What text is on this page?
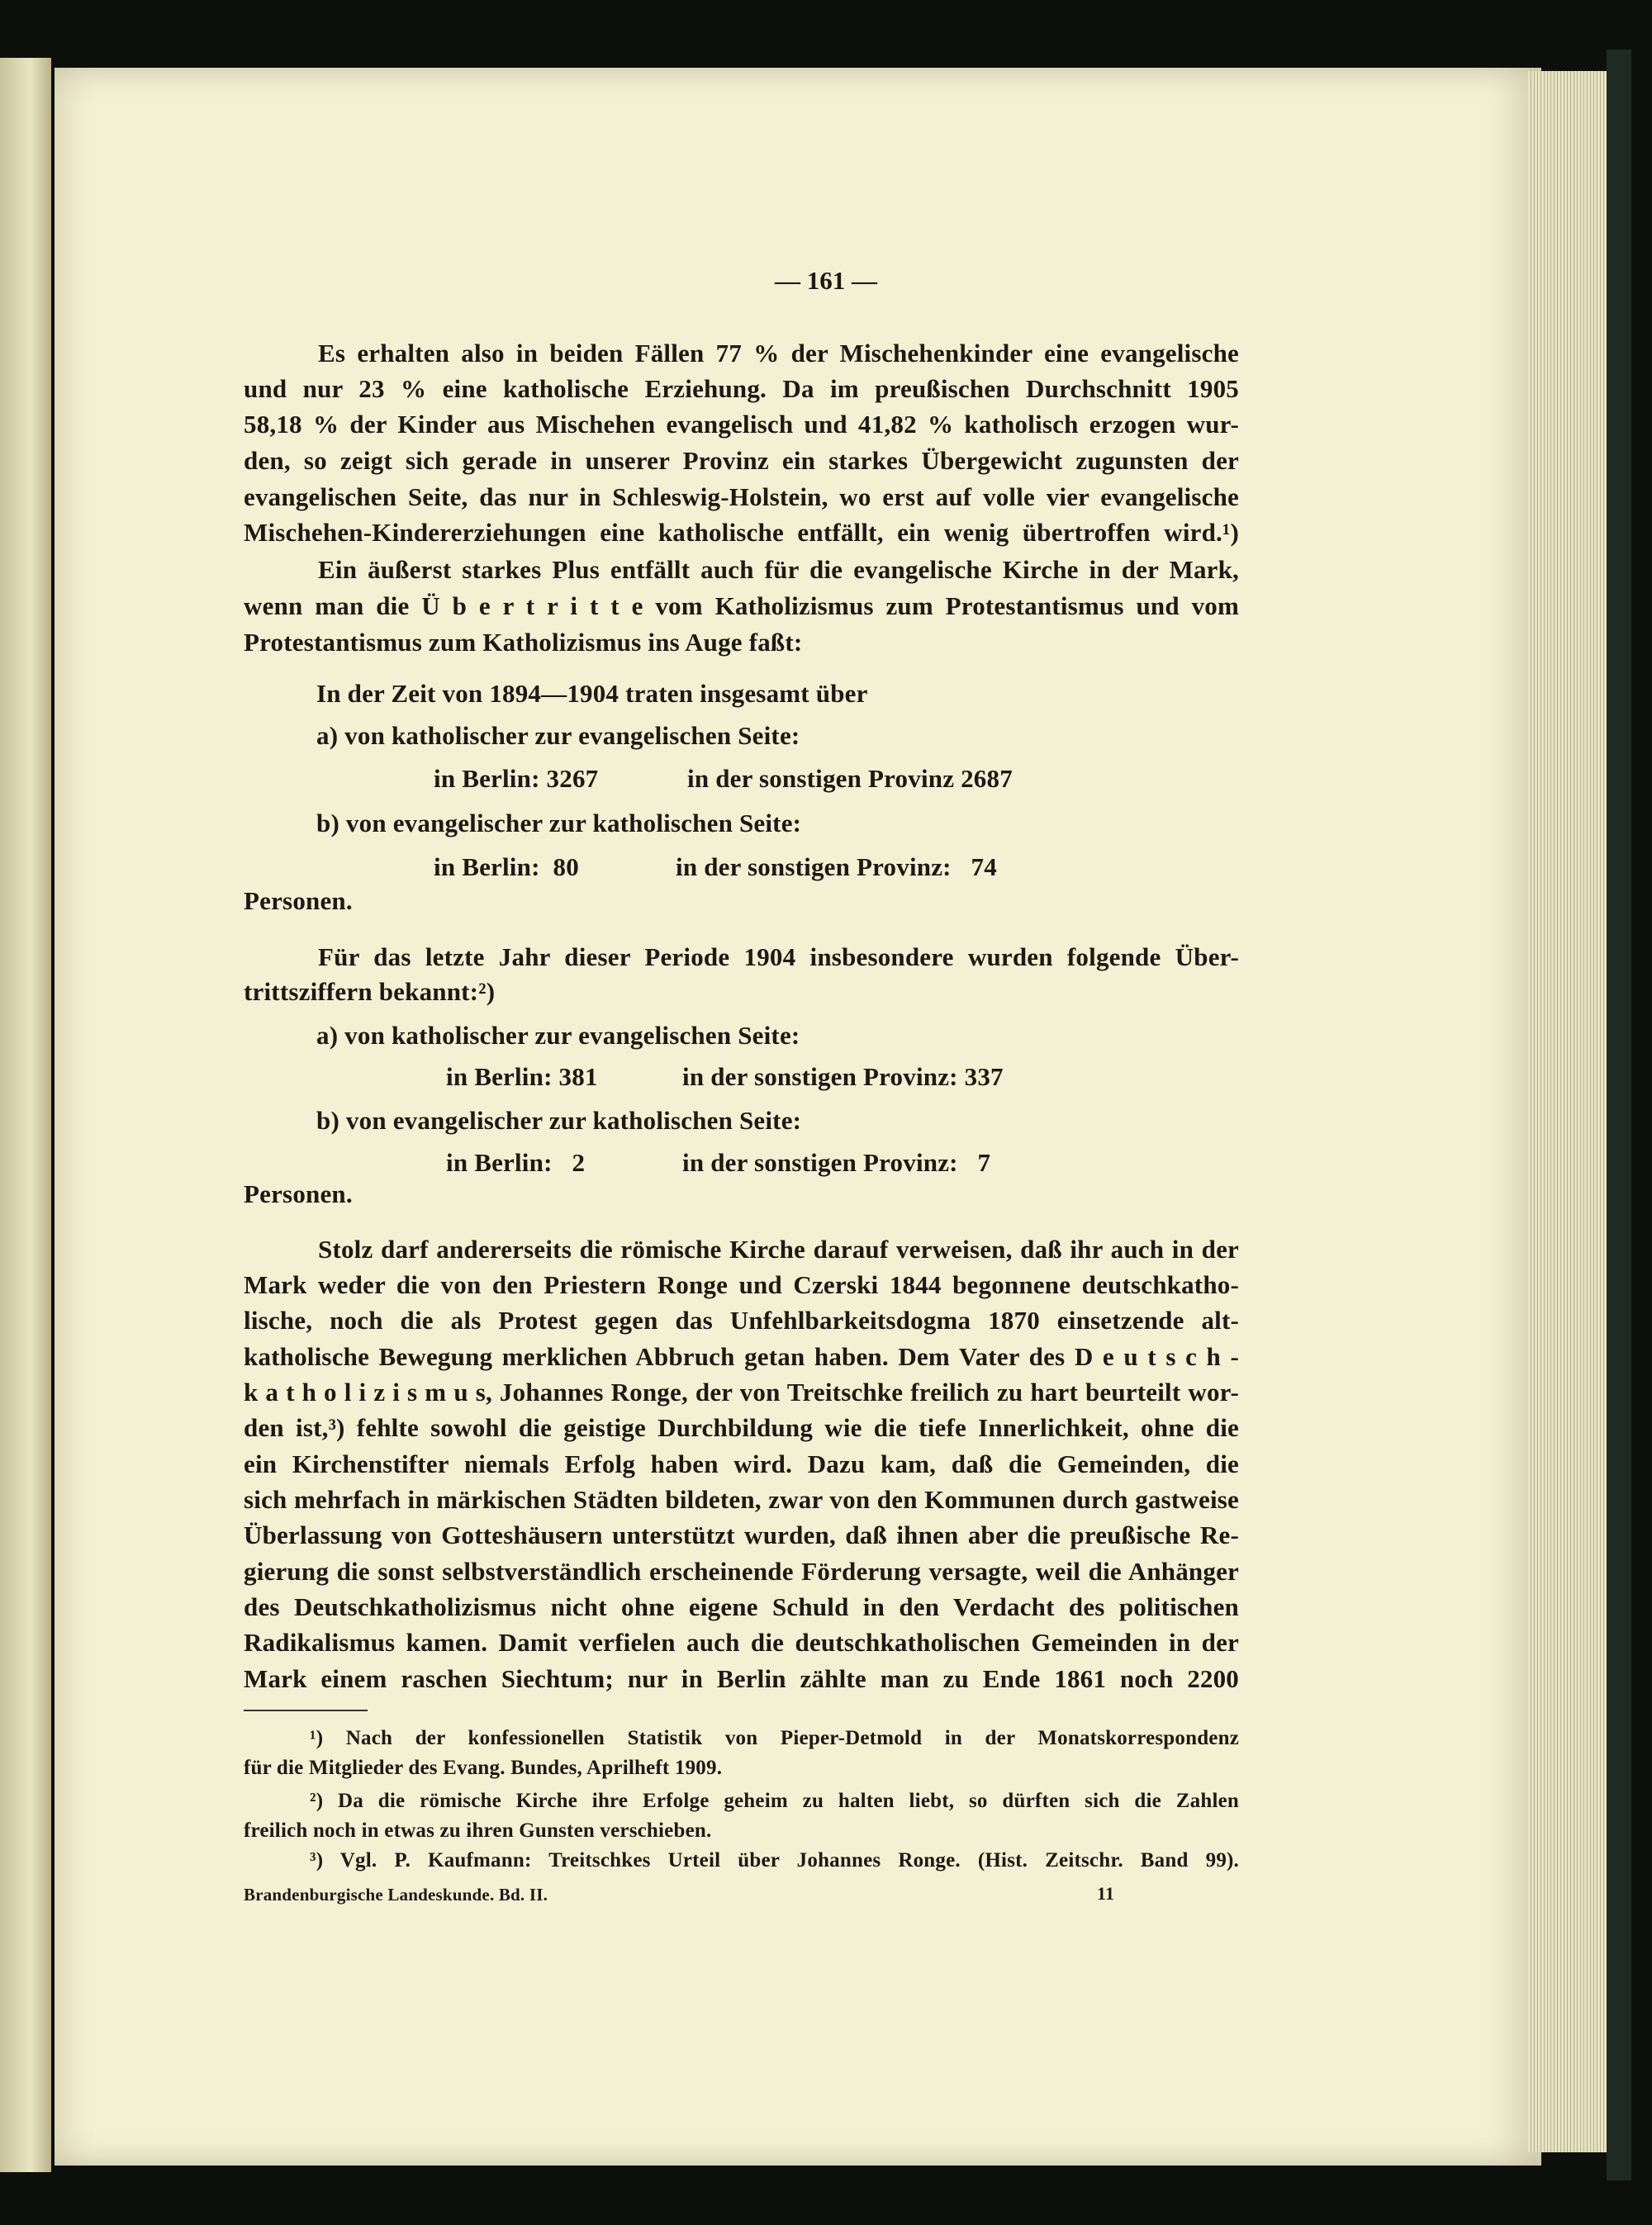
— 161 —
Es erhalten also in beiden Fällen 77 % der Mischehenkinder eine evangelische
und nur 23 % eine katholische Erziehung. Da im preußischen Durchschnitt 1905
58,18 % der Kinder aus Mischehen evangelisch und 41,82 % katholisch erzogen wur-
den, so zeigt sich gerade in unserer Provinz ein starkes Übergewicht zugunsten der
evangelischen Seite, das nur in Schleswig-Holstein, wo erst auf volle vier evangelische
Mischehen-Kindererziehungen eine katholische entfällt, ein wenig übertroffen wird.¹)
Ein äußerst starkes Plus entfällt auch für die evangelische Kirche in der Mark,
wenn man die Ü b e r t r i t t e vom Katholizismus zum Protestantismus und vom
Protestantismus zum Katholizismus ins Auge faßt:
In der Zeit von 1894—1904 traten insgesamt über
a) von katholischer zur evangelischen Seite:
in Berlin: 3267	in der sonstigen Provinz 2687
b) von evangelischer zur katholischen Seite:
in Berlin:  80	in der sonstigen Provinz:   74
Personen.
Für das letzte Jahr dieser Periode 1904 insbesondere wurden folgende Über-
trittsziffern bekannt:²)
a) von katholischer zur evangelischen Seite:
in Berlin: 381	in der sonstigen Provinz: 337
b) von evangelischer zur katholischen Seite:
in Berlin:   2	in der sonstigen Provinz:   7
Personen.
Stolz darf andererseits die römische Kirche darauf verweisen, daß ihr auch in der
Mark weder die von den Priestern Ronge und Czerski 1844 begonnene deutschkatho-
lische, noch die als Protest gegen das Unfehlbarkeitsdogma 1870 einsetzende alt-
katholische Bewegung merklichen Abbruch getan haben. Dem Vater des D e u t s c h -
k a t h o l i z i s m u s, Johannes Ronge, der von Treitschke freilich zu hart beurteilt wor-
den ist,³) fehlte sowohl die geistige Durchbildung wie die tiefe Innerlichkeit, ohne die
ein Kirchenstifter niemals Erfolg haben wird. Dazu kam, daß die Gemeinden, die
sich mehrfach in märkischen Städten bildeten, zwar von den Kommunen durch gastweise
Überlassung von Gotteshäusern unterstützt wurden, daß ihnen aber die preußische Re-
gierung die sonst selbstverständlich erscheinende Förderung versagte, weil die Anhänger
des Deutschkatholizismus nicht ohne eigene Schuld in den Verdacht des politischen
Radikalismus kamen. Damit verfielen auch die deutschkatholischen Gemeinden in der
Mark einem raschen Siechtum; nur in Berlin zählte man zu Ende 1861 noch 2200
¹) Nach der konfessionellen Statistik von Pieper-Detmold in der Monatskorrespondenz
für die Mitglieder des Evang. Bundes, Aprilheft 1909.
²) Da die römische Kirche ihre Erfolge geheim zu halten liebt, so dürften sich die Zahlen
freilich noch in etwas zu ihren Gunsten verschieben.
³) Vgl. P. Kaufmann: Treitschkes Urteil über Johannes Ronge. (Hist. Zeitschr. Band 99).
Brandenburgische Landeskunde. Bd. II.	11
